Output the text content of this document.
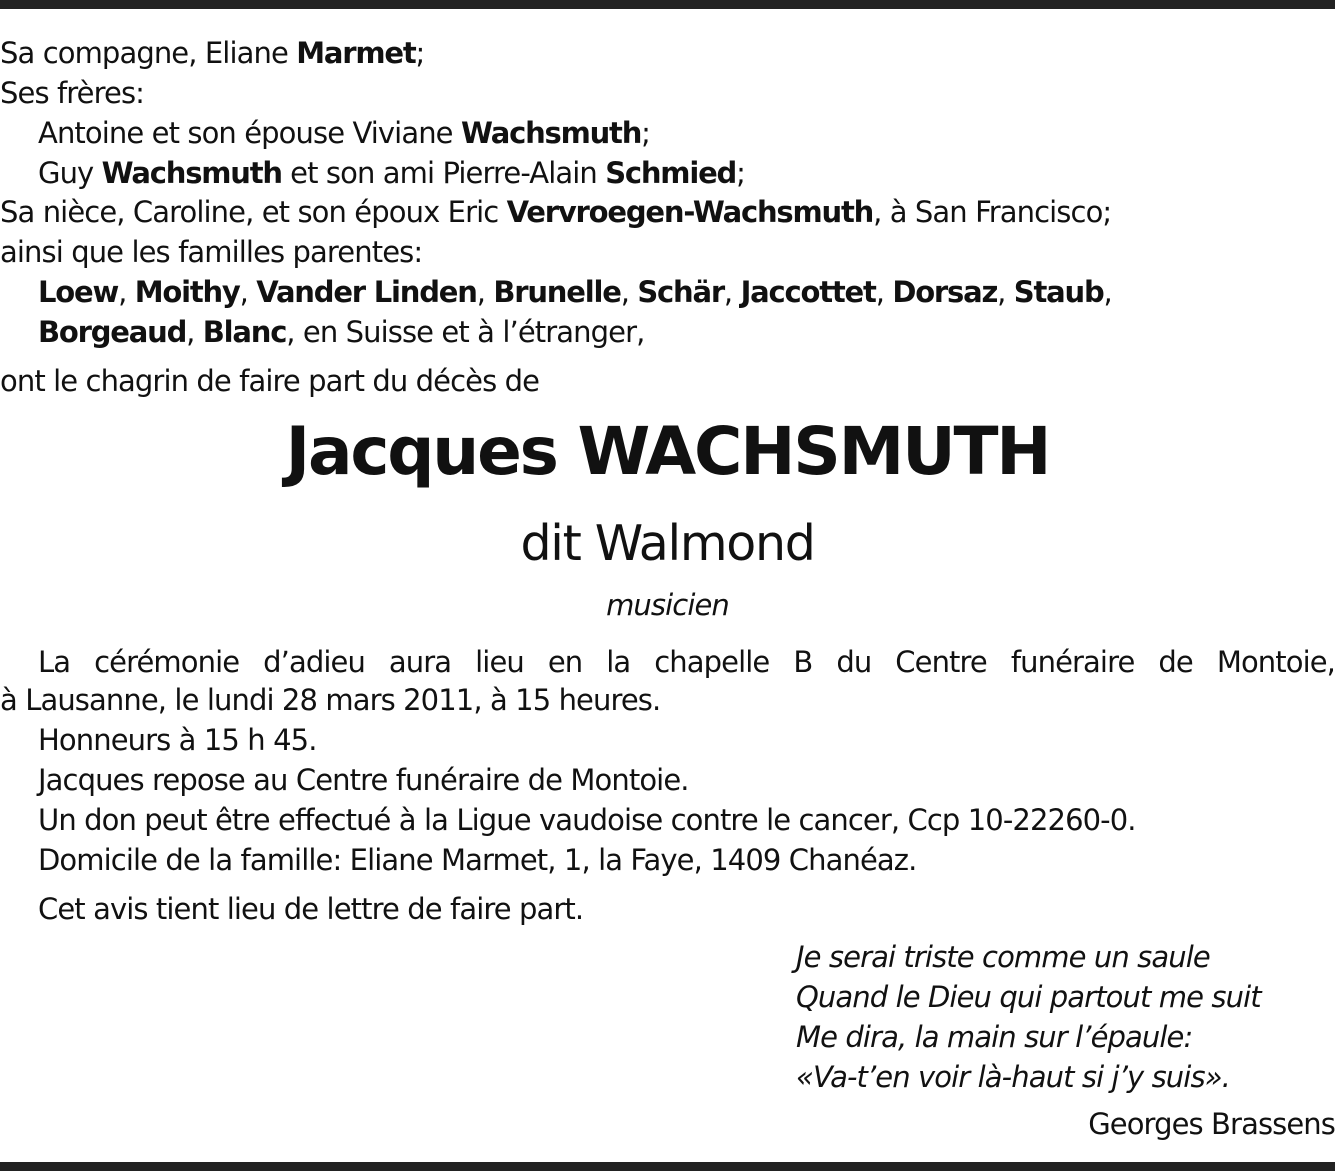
Sa compagne, Eliane Marmet;
Ses frères:
Antoine et son épouse Viviane Wachsmuth;
Guy Wachsmuth et son ami Pierre-Alain Schmied;
Sa nièce, Caroline, et son époux Eric Vervroegen-Wachsmuth, à San Francisco;
ainsi que les familles parentes:
Loew, Moithy, Vander Linden, Brunelle, Schär, Jaccottet, Dorsaz, Staub,
Borgeaud, Blanc, en Suisse et à l’étranger,
ont le chagrin de faire part du décès de
Jacques WACHSMUTH
dit Walmond
musicien
La cérémonie d’adieu aura lieu en la chapelle B du Centre funéraire de Montoie,
à Lausanne, le lundi 28 mars 2011, à 15 heures.
Honneurs à 15 h 45.
Jacques repose au Centre funéraire de Montoie.
Un don peut être effectué à la Ligue vaudoise contre le cancer, Ccp 10-22260-0.
Domicile de la famille: Eliane Marmet, 1, la Faye, 1409 Chanéaz.
Cet avis tient lieu de lettre de faire part.
Je serai triste comme un saule
Quand le Dieu qui partout me suit
Me dira, la main sur l’épaule:
«Va-t’en voir là-haut si j’y suis».
Georges Brassens
